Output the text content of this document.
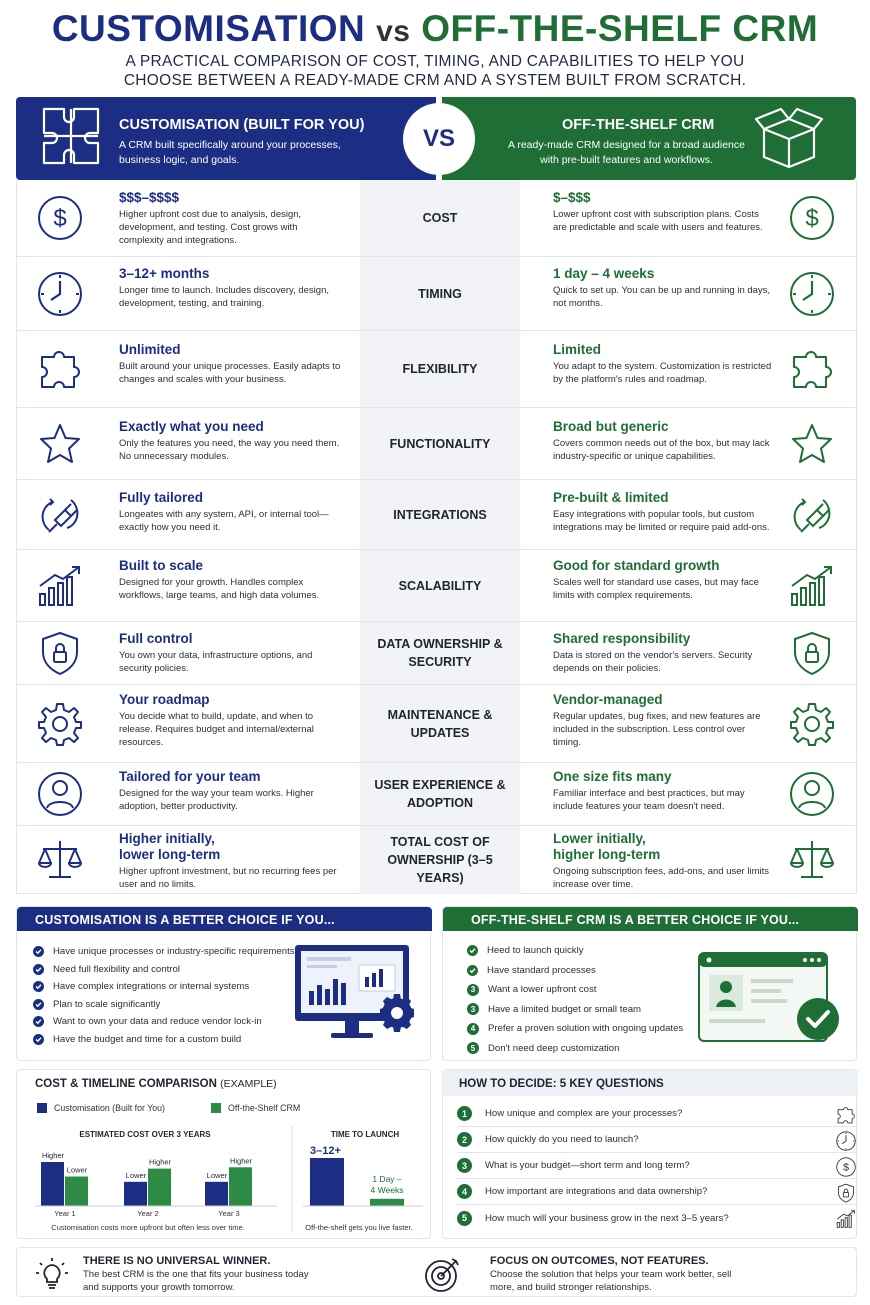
CUSTOMISATION vs OFF-THE-SHELF CRM
A PRACTICAL COMPARISON OF COST, TIMING, AND CAPABILITIES TO HELP YOU CHOOSE BETWEEN A READY-MADE CRM AND A SYSTEM BUILT FROM SCRATCH.
CUSTOMISATION (BUILT FOR YOU)
A CRM built specifically around your processes, business logic, and goals.
OFF-THE-SHELF CRM
A ready-made CRM designed for a broad audience with pre-built features and workflows.
VS
$$$–$$$$
Higher upfront cost due to analysis, design, development, and testing. Cost grows with complexity and integrations.
COST
$–$$$
Lower upfront cost with subscription plans. Costs are predictable and scale with users and features.
3–12+ months
Longer time to launch. Includes discovery, design, development, testing, and training.
TIMING
1 day – 4 weeks
Quick to set up. You can be up and running in days, not months.
Unlimited
Built around your unique processes. Easily adapts to changes and scales with your business.
FLEXIBILITY
Limited
You adapt to the system. Customization is restricted by the platform's rules and roadmap.
Exactly what you need
Only the features you need, the way you need them. No unnecessary modules.
FUNCTIONALITY
Broad but generic
Covers common needs out of the box, but may lack industry-specific or unique capabilities.
Fully tailored
Longeates with any system, API, or internal tool—exactly how you need it.
INTEGRATIONS
Pre-built & limited
Easy integrations with popular tools, but custom integrations may be limited or require paid add-ons.
Built to scale
Designed for your growth. Handles complex workflows, large teams, and high data volumes.
SCALABILITY
Good for standard growth
Scales well for standard use cases, but may face limits with complex requirements.
Full control
You own your data, infrastructure options, and security policies.
DATA OWNERSHIP & SECURITY
Shared responsibility
Data is stored on the vendor's servers. Security depends on their policies.
Your roadmap
You decide what to build, update, and when to release. Requires budget and internal/external resources.
MAINTENANCE & UPDATES
Vendor-managed
Regular updates, bug fixes, and new features are included in the subscription. Less control over timing.
Tailored for your team
Designed for the way your team works. Higher adoption, better productivity.
USER EXPERIENCE & ADOPTION
One size fits many
Familiar interface and best practices, but may include features your team doesn't need.
Higher initially, lower long-term
Higher upfront investment, but no recurring fees per user and no limits.
TOTAL COST OF OWNERSHIP (3–5 YEARS)
Lower initially, higher long-term
Ongoing subscription fees, add-ons, and user limits increase over time.
CUSTOMISATION IS A BETTER CHOICE IF YOU...
Have unique processes or industry-specific requirements
Need full flexibility and control
Have complex integrations or internal systems
Plan to scale significantly
Want to own your data and reduce vendor lock-in
Have the budget and time for a custom build
OFF-THE-SHELF CRM IS A BETTER CHOICE IF YOU...
Heed to launch quickly
Have standard processes
3	Want a lower upfront cost
3	Have a limited budget or small team
4	Prefer a proven solution with ongoing updates
5	Don't need deep customization
COST & TIMELINE COMPARISON (EXAMPLE)
Customisation (Built for You)	Off-the-Shelf CRM
ESTIMATED COST OVER 3 YEARS
Higher
Lower
Year 1
Lower
Higher
Year 2
Lower
Higher
Year 3
Customisation costs more upfront but often less over time.
TIME TO LAUNCH
3–12+
1 Day –
4 Weeks
Off-the-shelf gets you live faster.
HOW TO DECIDE: 5 KEY QUESTIONS
1	How unique and complex are your processes?
2	How quickly do you need to launch?
3	What is your budget—short term and long term?
4	How important are integrations and data ownership?
5	How much will your business grow in the next 3–5 years?
THERE IS NO UNIVERSAL WINNER.
The best CRM is the one that fits your business today and supports your growth tomorrow.
FOCUS ON OUTCOMES, NOT FEATURES.
Choose the solution that helps your team work better, sell more, and build stronger relationships.
